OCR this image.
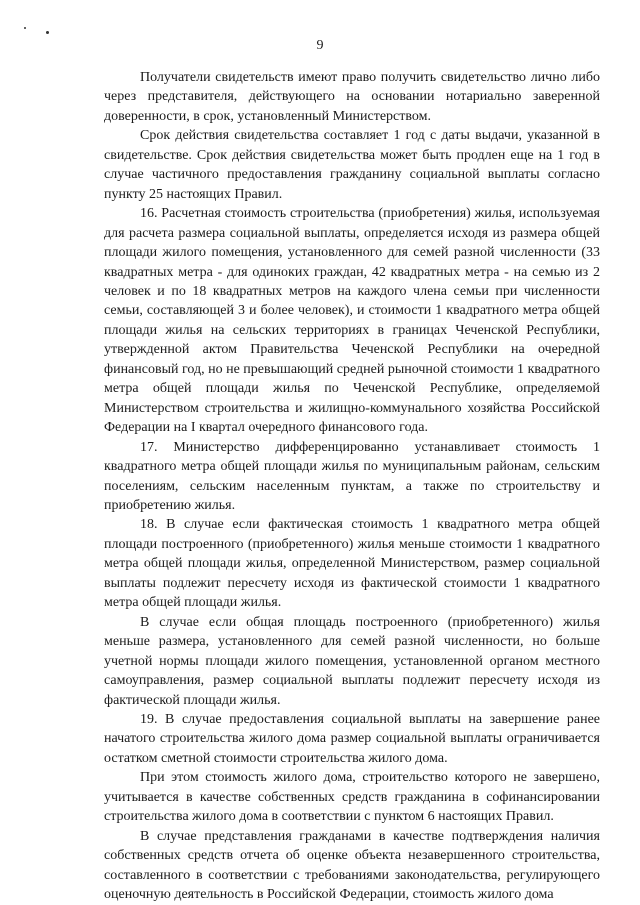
9

Получатели свидетельств имеют право получить свидетельство лично либо через представителя, действующего на основании нотариально заверенной доверенности, в срок, установленный Министерством.

Срок действия свидетельства составляет 1 год с даты выдачи, указанной в свидетельстве. Срок действия свидетельства может быть продлен еще на 1 год в случае частичного предоставления гражданину социальной выплаты согласно пункту 25 настоящих Правил.

16. Расчетная стоимость строительства (приобретения) жилья, используемая для расчета размера социальной выплаты, определяется исходя из размера общей площади жилого помещения, установленного для семей разной численности (33 квадратных метра - для одиноких граждан, 42 квадратных метра - на семью из 2 человек и по 18 квадратных метров на каждого члена семьи при численности семьи, составляющей 3 и более человек), и стоимости 1 квадратного метра общей площади жилья на сельских территориях в границах Чеченской Республики, утвержденной актом Правительства Чеченской Республики на очередной финансовый год, но не превышающий средней рыночной стоимости 1 квадратного метра общей площади жилья по Чеченской Республике, определяемой Министерством строительства и жилищно-коммунального хозяйства Российской Федерации на I квартал очередного финансового года.

17. Министерство дифференцированно устанавливает стоимость 1 квадратного метра общей площади жилья по муниципальным районам, сельским поселениям, сельским населенным пунктам, а также по строительству и приобретению жилья.

18. В случае если фактическая стоимость 1 квадратного метра общей площади построенного (приобретенного) жилья меньше стоимости 1 квадратного метра общей площади жилья, определенной Министерством, размер социальной выплаты подлежит пересчету исходя из фактической стоимости 1 квадратного метра общей площади жилья.

В случае если общая площадь построенного (приобретенного) жилья меньше размера, установленного для семей разной численности, но больше учетной нормы площади жилого помещения, установленной органом местного самоуправления, размер социальной выплаты подлежит пересчету исходя из фактической площади жилья.

19. В случае предоставления социальной выплаты на завершение ранее начатого строительства жилого дома размер социальной выплаты ограничивается остатком сметной стоимости строительства жилого дома.

При этом стоимость жилого дома, строительство которого не завершено, учитывается в качестве собственных средств гражданина в софинансировании строительства жилого дома в соответствии с пунктом 6 настоящих Правил.

В случае представления гражданами в качестве подтверждения наличия собственных средств отчета об оценке объекта незавершенного строительства, составленного в соответствии с требованиями законодательства, регулирующего оценочную деятельность в Российской Федерации, стоимость жилого дома
